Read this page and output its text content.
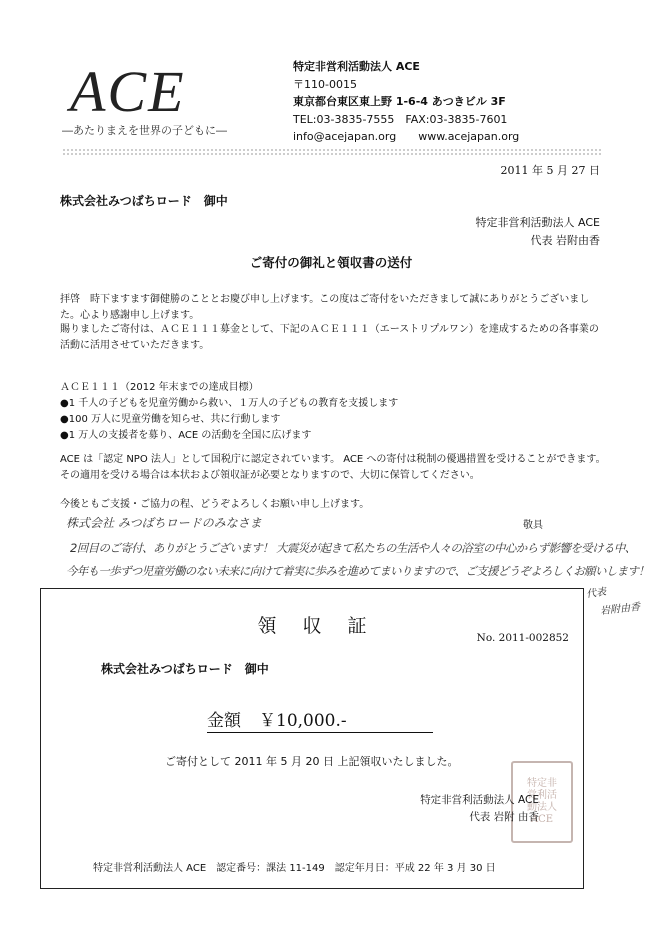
ACE
―あたりまえを世界の子どもに―
特定非営利活動法人 ACE
〒110-0015
東京都台東区東上野 1-6-4 あつきビル 3F
TEL:03-3835-7555　FAX:03-3835-7601
info@acejapan.org　　www.acejapan.org
2011 年 5 月 27 日
株式会社みつばちロード　御中
特定非営利活動法人 ACE
代表 岩附由香
ご寄付の御礼と領収書の送付
拝啓　時下ますます御健勝のこととお慶び申し上げます。この度はご寄付をいただきまして誠にありがとうございました。心より感謝申し上げます。
賜りましたご寄付は、ＡＣＥ１１１募金として、下記のＡＣＥ１１１（エーストリプルワン）を達成するための各事業の活動に活用させていただきます。
ＡＣＥ１１１（2012 年末までの達成目標）
●1 千人の子どもを児童労働から救い、１万人の子どもの教育を支援します
●100 万人に児童労働を知らせ、共に行動します
●1 万人の支援者を募り、ACE の活動を全国に広げます
ACE は「認定 NPO 法人」として国税庁に認定されています。 ACE への寄付は税制の優遇措置を受けることができます。その適用を受ける場合は本状および領収証が必要となりますので、大切に保管してください。
今後ともご支援・ご協力の程、どうぞよろしくお願い申し上げます。
敬具
株式会社 みつばちロードのみなさま
2回目のご寄付、ありがとうございます！ 大震災が起きて私たちの生活や人々の浴室の中心からず影響を受ける中、
今年も一歩ずつ児童労働のない未来に向けて着実に歩みを進めてまいりますので、ご支援どうぞよろしくお願いします！
領収証
No. 2011-002852
株式会社みつばちロード　御中
金額 ￥10,000.-
ご寄付として 2011 年 5 月 20 日 上記領収いたしました。
特定非
営利活
動法人
ACE
特定非営利活動法人 ACE
代表 岩附 由香
特定非営利活動法人 ACE　認定番号：課法 11-149　認定年月日：平成 22 年 3 月 30 日
代表
岩附由香
